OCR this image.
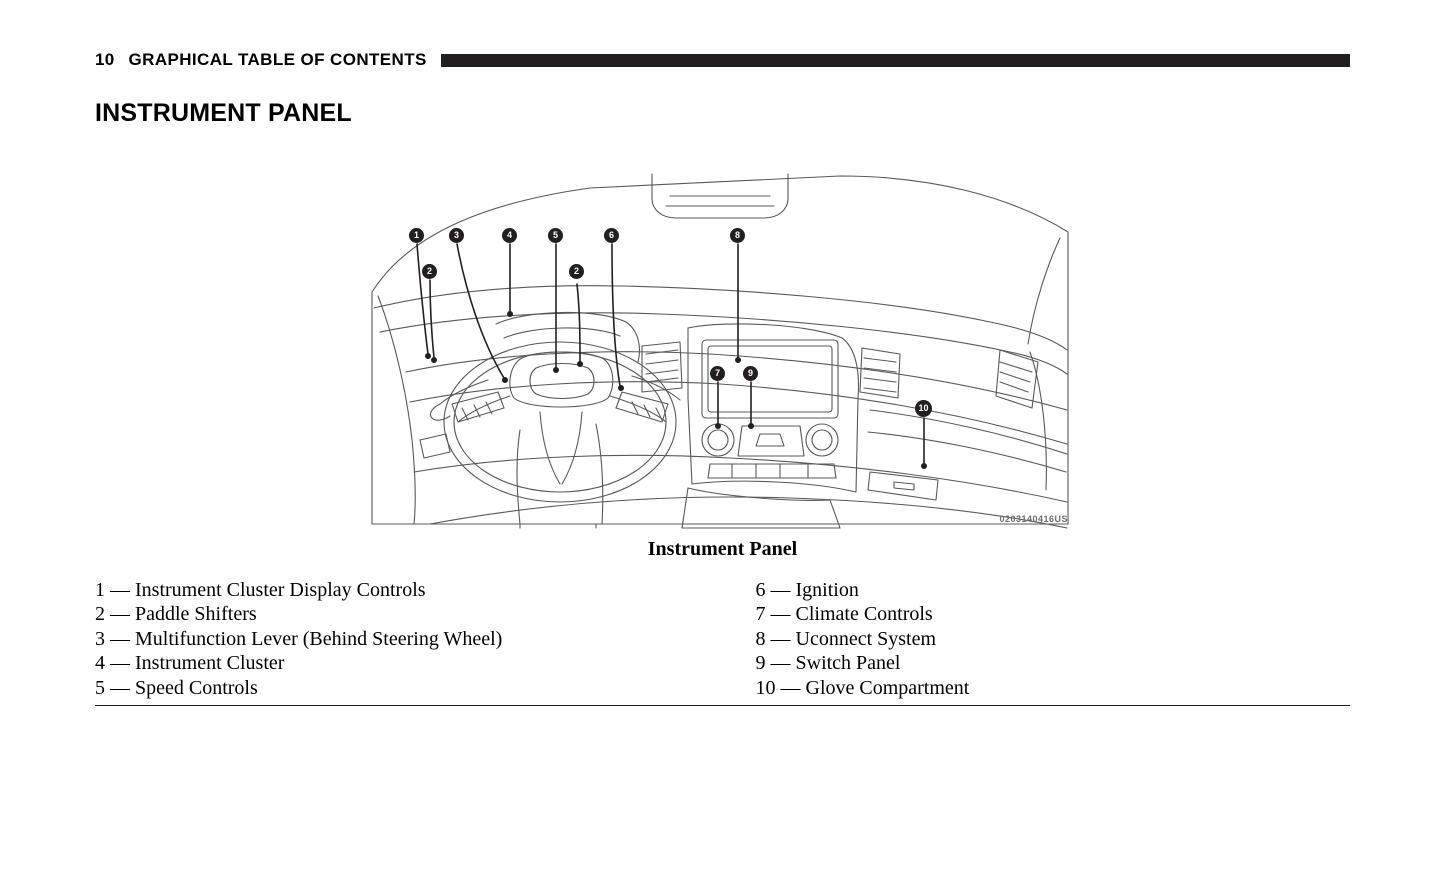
10 GRAPHICAL TABLE OF CONTENTS
INSTRUMENT PANEL
1
2
3	4	5
2
6	8
7	9
10
0203140416US
Instrument Panel
1 — Instrument Cluster Display Controls
2 — Paddle Shifters
3 — Multifunction Lever (Behind Steering Wheel)
4 — Instrument Cluster
5 — Speed Controls
6 — Ignition
7 — Climate Controls
8 — Uconnect System
9 — Switch Panel
10 — Glove Compartment
